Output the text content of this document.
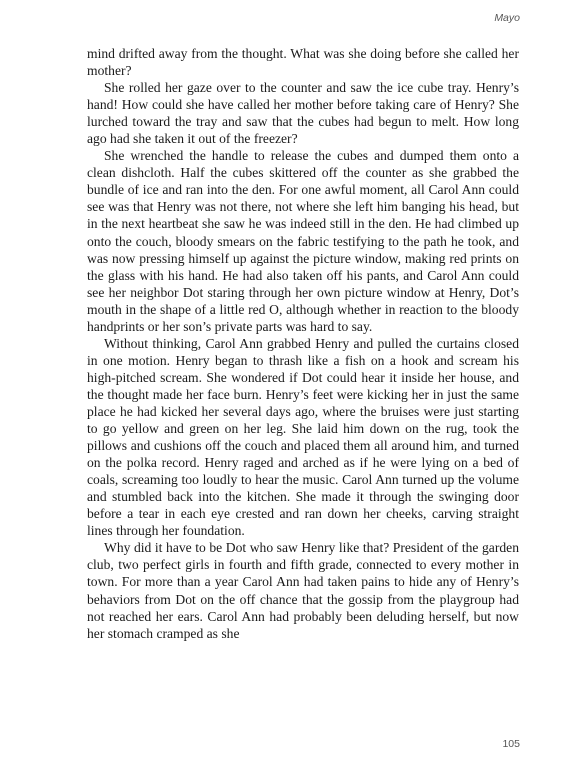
Mayo

mind drifted away from the thought. What was she doing before she called her mother?

She rolled her gaze over to the counter and saw the ice cube tray. Henry’s hand! How could she have called her mother before taking care of Henry? She lurched toward the tray and saw that the cubes had begun to melt. How long ago had she taken it out of the freezer?

She wrenched the handle to release the cubes and dumped them onto a clean dishcloth. Half the cubes skittered off the counter as she grabbed the bundle of ice and ran into the den. For one awful moment, all Carol Ann could see was that Henry was not there, not where she left him banging his head, but in the next heartbeat she saw he was indeed still in the den. He had climbed up onto the couch, bloody smears on the fabric testifying to the path he took, and was now pressing himself up against the picture window, making red prints on the glass with his hand. He had also taken off his pants, and Carol Ann could see her neighbor Dot staring through her own picture window at Henry, Dot’s mouth in the shape of a little red O, although whether in reaction to the bloody handprints or her son’s private parts was hard to say.

Without thinking, Carol Ann grabbed Henry and pulled the curtains closed in one motion. Henry began to thrash like a fish on a hook and scream his high-pitched scream. She wondered if Dot could hear it inside her house, and the thought made her face burn. Henry’s feet were kicking her in just the same place he had kicked her several days ago, where the bruises were just starting to go yellow and green on her leg. She laid him down on the rug, took the pillows and cushions off the couch and placed them all around him, and turned on the polka record. Henry raged and arched as if he were lying on a bed of coals, screaming too loudly to hear the music. Carol Ann turned up the volume and stumbled back into the kitchen. She made it through the swinging door before a tear in each eye crested and ran down her cheeks, carving straight lines through her foundation.

Why did it have to be Dot who saw Henry like that? President of the garden club, two perfect girls in fourth and fifth grade, connected to every mother in town. For more than a year Carol Ann had taken pains to hide any of Henry’s behaviors from Dot on the off chance that the gossip from the playgroup had not reached her ears. Carol Ann had probably been deluding herself, but now her stomach cramped as she

105
